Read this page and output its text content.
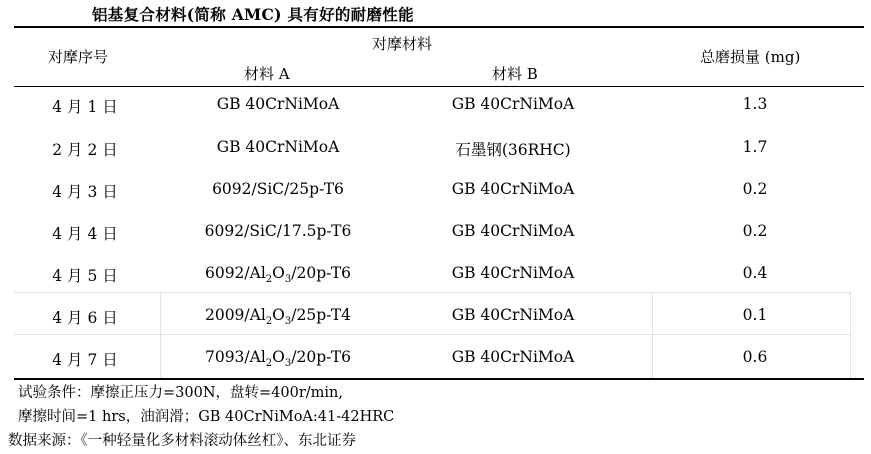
铝基复合材料(简称 AMC) 具有好的耐磨性能
对摩序号
对摩材料
材料 A	材料 B
总磨损量 (mg)
4 月 1 日	GB 40CrNiMoA	GB 40CrNiMoA	1.3
2 月 2 日	GB 40CrNiMoA	石墨钢(36RHC)	1.7
4 月 3 日	6092/SiC/25p-T6	GB 40CrNiMoA	0.2
4 月 4 日	6092/SiC/17.5p-T6	GB 40CrNiMoA	0.2
4 月 5 日	$6092/Al_2O_3/20p-T6$	GB 40CrNiMoA	0.4
4 月 6 日	$2009/Al_2O_3/25p-T4$	GB 40CrNiMoA	0.1
4 月 7 日	$7093/Al_2O_3/20p-T6$	GB 40CrNiMoA	0.6
试验条件：摩擦正压力=300N，盘转=400r/min,
摩擦时间=1 hrs，油润滑；GB 40CrNiMoA:41-42HRC
数据来源：《一种轻量化多材料滚动体丝杠》、东北证券
